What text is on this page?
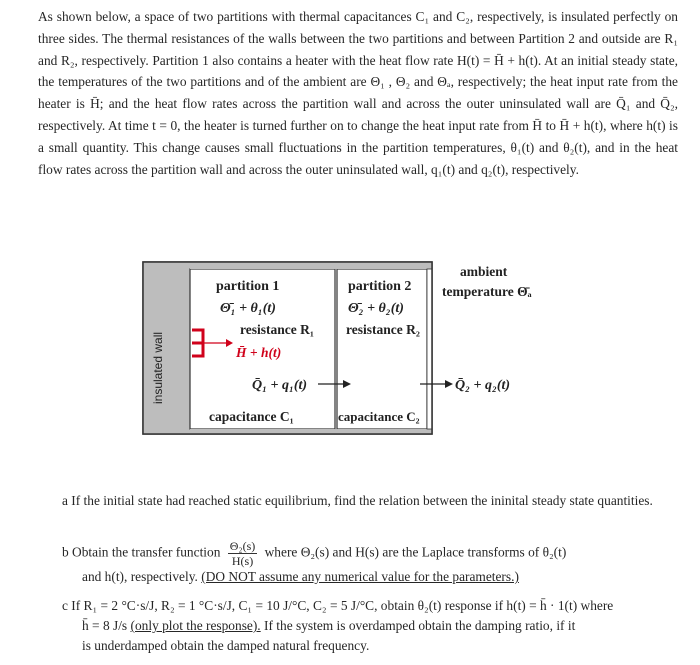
As shown below, a space of two partitions with thermal capacitances C₁ and C₂, respectively, is insulated perfectly on three sides. The thermal resistances of the walls between the two partitions and between Partition 2 and outside are R₁ and R₂, respectively. Partition 1 also contains a heater with the heat flow rate H(t) = H̄ + h(t). At an initial steady state, the temperatures of the two partitions and of the ambient are Θ₁ , Θ₂ and Θₐ, respectively; the heat input rate from the heater is H̄; and the heat flow rates across the partition wall and across the outer uninsulated wall are Q̄₁ and Q̄₂, respectively. At time t = 0, the heater is turned further on to change the heat input rate from H̄ to H̄ + h(t), where h(t) is a small quantity. This change causes small fluctuations in the partition temperatures, θ₁(t) and θ₂(t), and in the heat flow rates across the partition wall and across the outer uninsulated wall, q₁(t) and q₂(t), respectively.

insulated wall
partition 1
Θ̄₁ + θ₁(t)
resistance R₁
H̄ + h(t)
Q̄₁ + q₁(t)
capacitance C₁
partition 2
Θ̄₂ + θ₂(t)
resistance R₂
capacitance C₂
ambient
temperature Θ̄ₐ
Q̄₂ + q₂(t)
a If the initial state had reached static equilibrium, find the relation between the ininital steady state quantities.
b Obtain the transfer function $\frac{\text{Θ₂(s)}}{H(s)}$ where Θ₂(s) and H(s) are the Laplace transforms of θ₂(t)
and h(t), respectively. (DO NOT assume any numerical value for the parameters.)
c If R₁ = 2 °C·s/J, R₂ = 1 °C·s/J, C₁ = 10 J/°C, C₂ = 5 J/°C, obtain θ₂(t) response if h(t) = h̄ · 1(t) where
h̄ = 8 J/s (only plot the response). If the system is overdamped obtain the damping ratio, if it
is underdamped obtain the damped natural frequency.
